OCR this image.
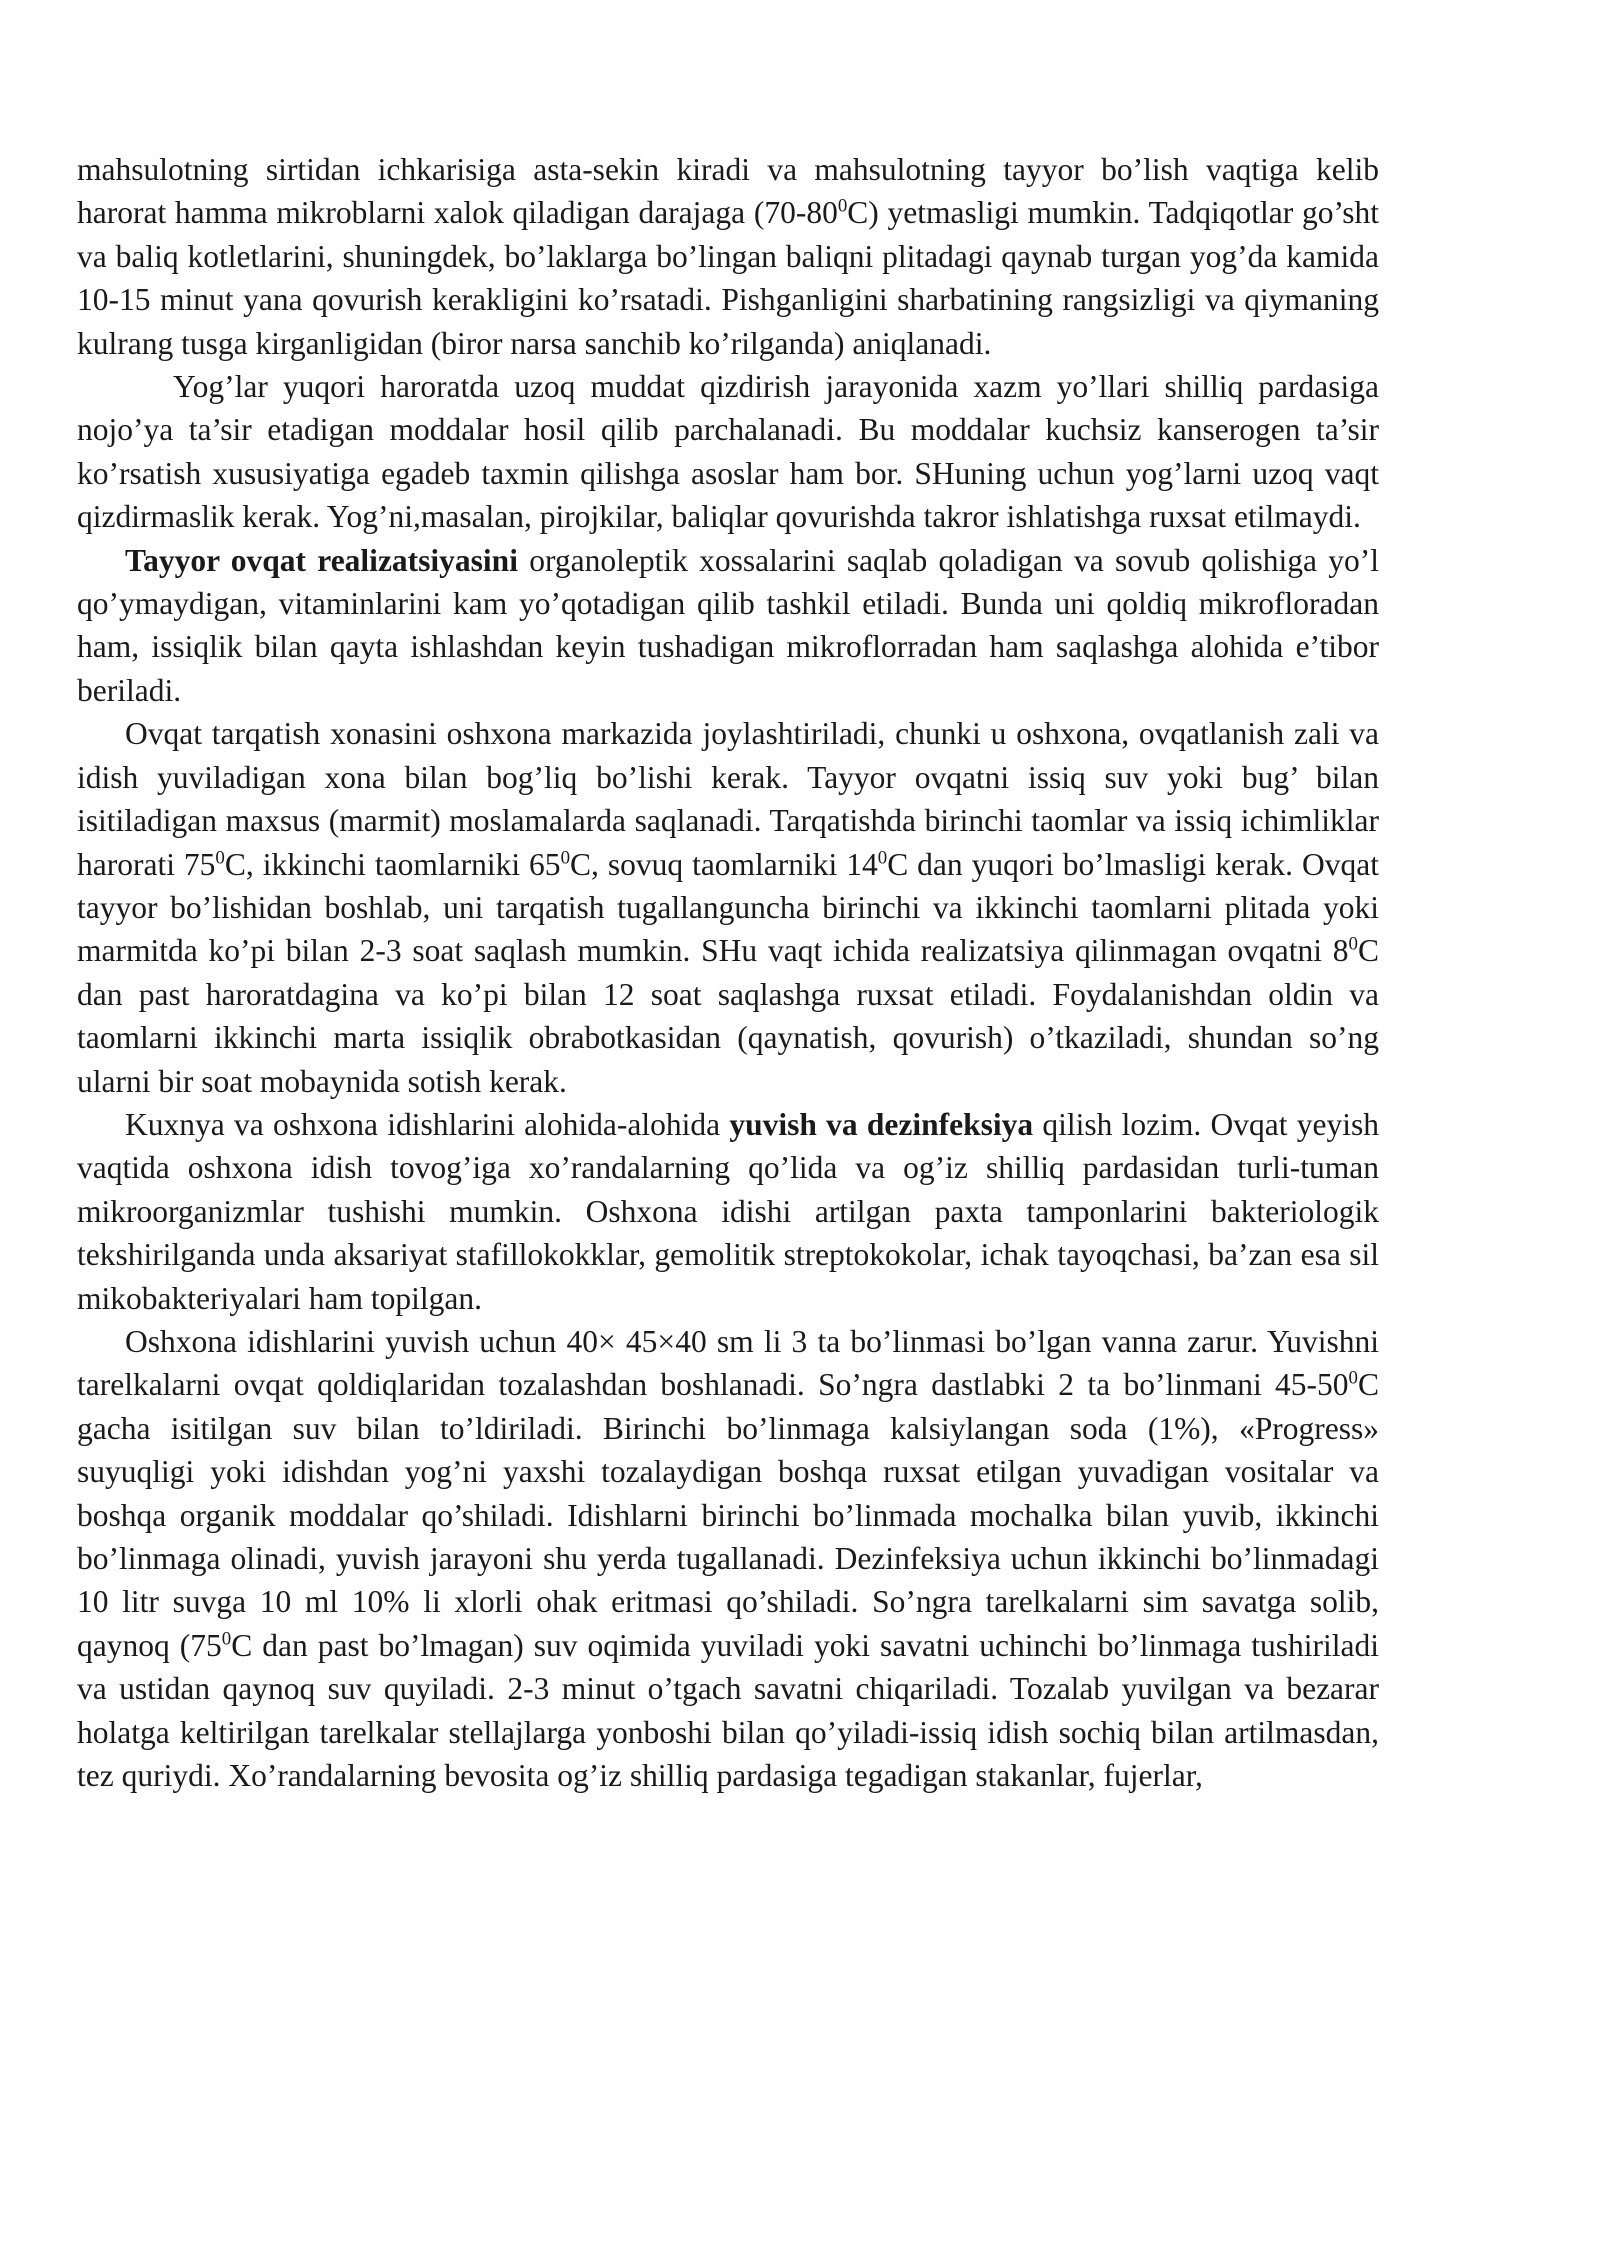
mahsulotning sirtidan ichkarisiga asta-sekin kiradi va mahsulotning tayyor bo’lish vaqtiga kelib harorat hamma mikroblarni xalok qiladigan darajaga $(70-80^0C)$ yetmasligi mumkin. Tadqiqotlar go’sht va baliq kotletlarini, shuningdek, bo’laklarga bo’lingan baliqni plitadagi qaynab turgan yog’da kamida 10-15 minut yana qovurish kerakligini ko’rsatadi. Pishganligini sharbatining rangsizligi va qiymaning kulrang tusga kirganligidan (biror narsa sanchib ko’rilganda) aniqlanadi.

Yog’lar yuqori haroratda uzoq muddat qizdirish jarayonida xazm yo’llari shilliq pardasiga nojo’ya ta’sir etadigan moddalar hosil qilib parchalanadi. Bu moddalar kuchsiz kanserogen ta’sir ko’rsatish xususiyatiga egadeb taxmin qilishga asoslar ham bor. SHuning uchun yog’larni uzoq vaqt qizdirmaslik kerak. Yog’ni,masalan, pirojkilar, baliqlar qovurishda takror ishlatishga ruxsat etilmaydi.

Tayyor ovqat realizatsiyasini organoleptik xossalarini saqlab qoladigan va sovub qolishiga yo’l qo’ymaydigan, vitaminlarini kam yo’qotadigan qilib tashkil etiladi. Bunda uni qoldiq mikrofloradan ham, issiqlik bilan qayta ishlashdan keyin tushadigan mikroflorradan ham saqlashga alohida e’tibor beriladi.

Ovqat tarqatish xonasini oshxona markazida joylashtiriladi, chunki u oshxona, ovqatlanish zali va idish yuviladigan xona bilan bog’liq bo’lishi kerak. Tayyor ovqatni issiq suv yoki bug’ bilan isitiladigan maxsus (marmit) moslamalarda saqlanadi. Tarqatishda birinchi taomlar va issiq ichimliklar harorati $75^0C$, ikkinchi taomlarniki $65^0C$, sovuq taomlarniki $14^0C$ dan yuqori bo’lmasligi kerak. Ovqat tayyor bo’lishidan boshlab, uni tarqatish tugallanguncha birinchi va ikkinchi taomlarni plitada yoki marmitda ko’pi bilan 2-3 soat saqlash mumkin. SHu vaqt ichida realizatsiya qilinmagan ovqatni $8^0C$ dan past haroratdagina va ko’pi bilan 12 soat saqlashga ruxsat etiladi. Foydalanishdan oldin va taomlarni ikkinchi marta issiqlik obrabotkasidan (qaynatish, qovurish) o’tkaziladi, shundan so’ng ularni bir soat mobaynida sotish kerak.

Kuxnya va oshxona idishlarini alohida-alohida yuvish va dezinfeksiya qilish lozim. Ovqat yeyish vaqtida oshxona idish tovog’iga xo’randalarning qo’lida va og’iz shilliq pardasidan turli-tuman mikroorganizmlar tushishi mumkin. Oshxona idishi artilgan paxta tamponlarini bakteriologik tekshirilganda unda aksariyat stafillokokklar, gemolitik streptokokolar, ichak tayoqchasi, ba’zan esa sil mikobakteriyalari ham topilgan.

Oshxona idishlarini yuvish uchun 40× 45×40 sm li 3 ta bo’linmasi bo’lgan vanna zarur. Yuvishni tarelkalarni ovqat qoldiqlaridan tozalashdan boshlanadi. So’ngra dastlabki 2 ta bo’linmani $45-50^0C$ gacha isitilgan suv bilan to’ldiriladi. Birinchi bo’linmaga kalsiylangan soda (1%), «Progress» suyuqligi yoki idishdan yog’ni yaxshi tozalaydigan boshqa ruxsat etilgan yuvadigan vositalar va boshqa organik moddalar qo’shiladi. Idishlarni birinchi bo’linmada mochalka bilan yuvib, ikkinchi bo’linmaga olinadi, yuvish jarayoni shu yerda tugallanadi. Dezinfeksiya uchun ikkinchi bo’linmadagi 10 litr suvga 10 ml 10% li xlorli ohak eritmasi qo’shiladi. So’ngra tarelkalarni sim savatga solib, qaynoq ($75^0C$ dan past bo’lmagan) suv oqimida yuviladi yoki savatni uchinchi bo’linmaga tushiriladi va ustidan qaynoq suv quyiladi. 2-3 minut o’tgach savatni chiqariladi. Tozalab yuvilgan va bezarar holatga keltirilgan tarelkalar stellajlarga yonboshi bilan qo’yiladi-issiq idish sochiq bilan artilmasdan, tez quriydi. Xo’randalarning bevosita og’iz shilliq pardasiga tegadigan stakanlar, fujerlar,
